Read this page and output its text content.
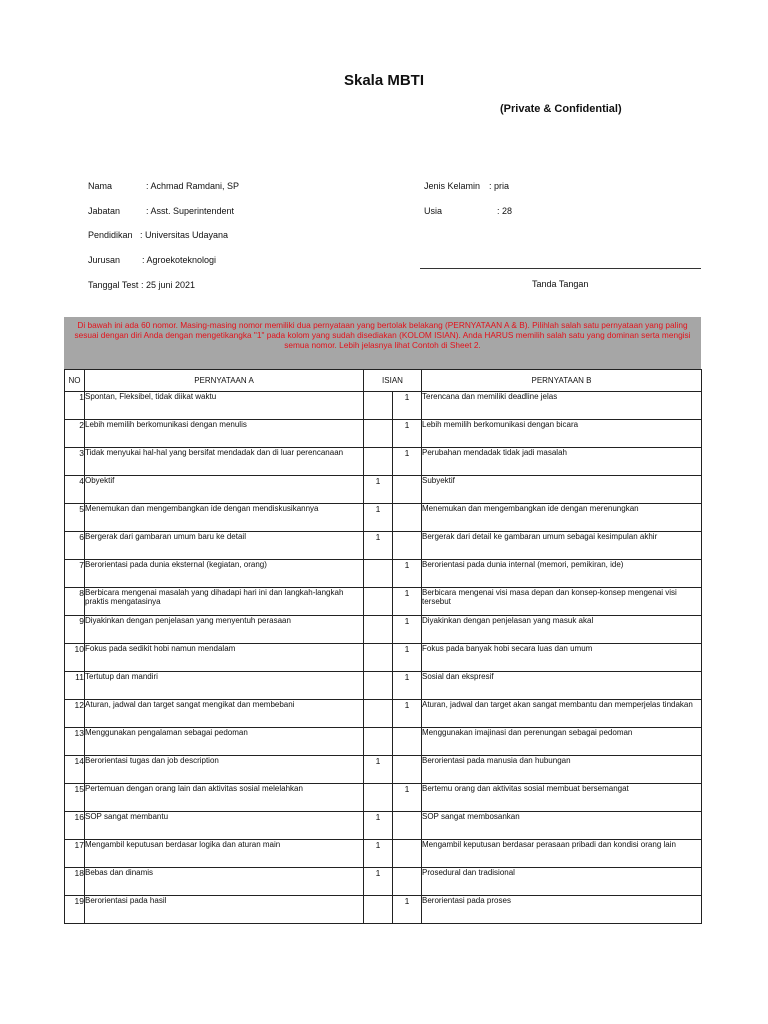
Skala MBTI
(Private & Confidential)
Nama	: Achmad Ramdani, SP
Jabatan	: Asst. Superintendent
Pendidikan : Universitas Udayana
Jurusan : Agroekoteknologi
Tanggal Test : 25 juni 2021
Jenis Kelamin : pria
Usia	: 28
Tanda Tangan
Di bawah ini ada 60 nomor. Masing-masing nomor memiliki dua pernyataan yang bertolak belakang (PERNYATAAN A & B). Pilihlah salah satu pernyataan yang paling sesuai dengan diri Anda dengan mengetikangka "1" pada kolom yang sudah disediakan (KOLOM ISIAN). Anda HARUS memilih salah satu yang dominan serta mengisi semua nomor. Lebih jelasnya lihat Contoh di Sheet 2.
NO	PERNYATAAN A	ISIAN		PERNYATAAN B
1	Spontan, Fleksibel, tidak diikat waktu		1	Terencana dan memiliki deadline jelas
2	Lebih memilih berkomunikasi dengan menulis		1	Lebih memilih berkomunikasi dengan bicara
3	Tidak menyukai hal-hal yang bersifat mendadak dan di luar perencanaan		1	Perubahan mendadak tidak jadi masalah
4	Obyektif	1		Subyektif
5	Menemukan dan mengembangkan ide dengan mendiskusikannya	1		Menemukan dan mengembangkan ide dengan merenungkan
6	Bergerak dari gambaran umum baru ke detail	1		Bergerak dari detail ke gambaran umum sebagai kesimpulan akhir
7	Berorientasi pada dunia eksternal (kegiatan, orang)		1	Berorientasi pada dunia internal (memori, pemikiran, ide)
8	Berbicara mengenai masalah yang dihadapi hari ini dan langkah-langkah praktis mengatasinya		1	Berbicara mengenai visi masa depan dan konsep-konsep mengenai visi tersebut
9	Diyakinkan dengan penjelasan yang menyentuh perasaan		1	Diyakinkan dengan penjelasan yang masuk akal
10	Fokus pada sedikit hobi namun mendalam		1	Fokus pada banyak hobi secara luas dan umum
11	Tertutup dan mandiri		1	Sosial dan ekspresif
12	Aturan, jadwal dan target sangat mengikat dan membebani		1	Aturan, jadwal dan target akan sangat membantu dan memperjelas tindakan
13	Menggunakan pengalaman sebagai pedoman			Menggunakan imajinasi dan perenungan sebagai pedoman
14	Berorientasi tugas dan job description	1		Berorientasi pada manusia dan hubungan
15	Pertemuan dengan orang lain dan aktivitas sosial melelahkan		1	Bertemu orang dan aktivitas sosial membuat bersemangat
16	SOP sangat membantu	1		SOP sangat membosankan
17	Mengambil keputusan berdasar logika dan aturan main	1		Mengambil keputusan berdasar perasaan pribadi dan kondisi orang lain
18	Bebas dan dinamis	1		Prosedural dan tradisional
19	Berorientasi pada hasil		1	Berorientasi pada proses
